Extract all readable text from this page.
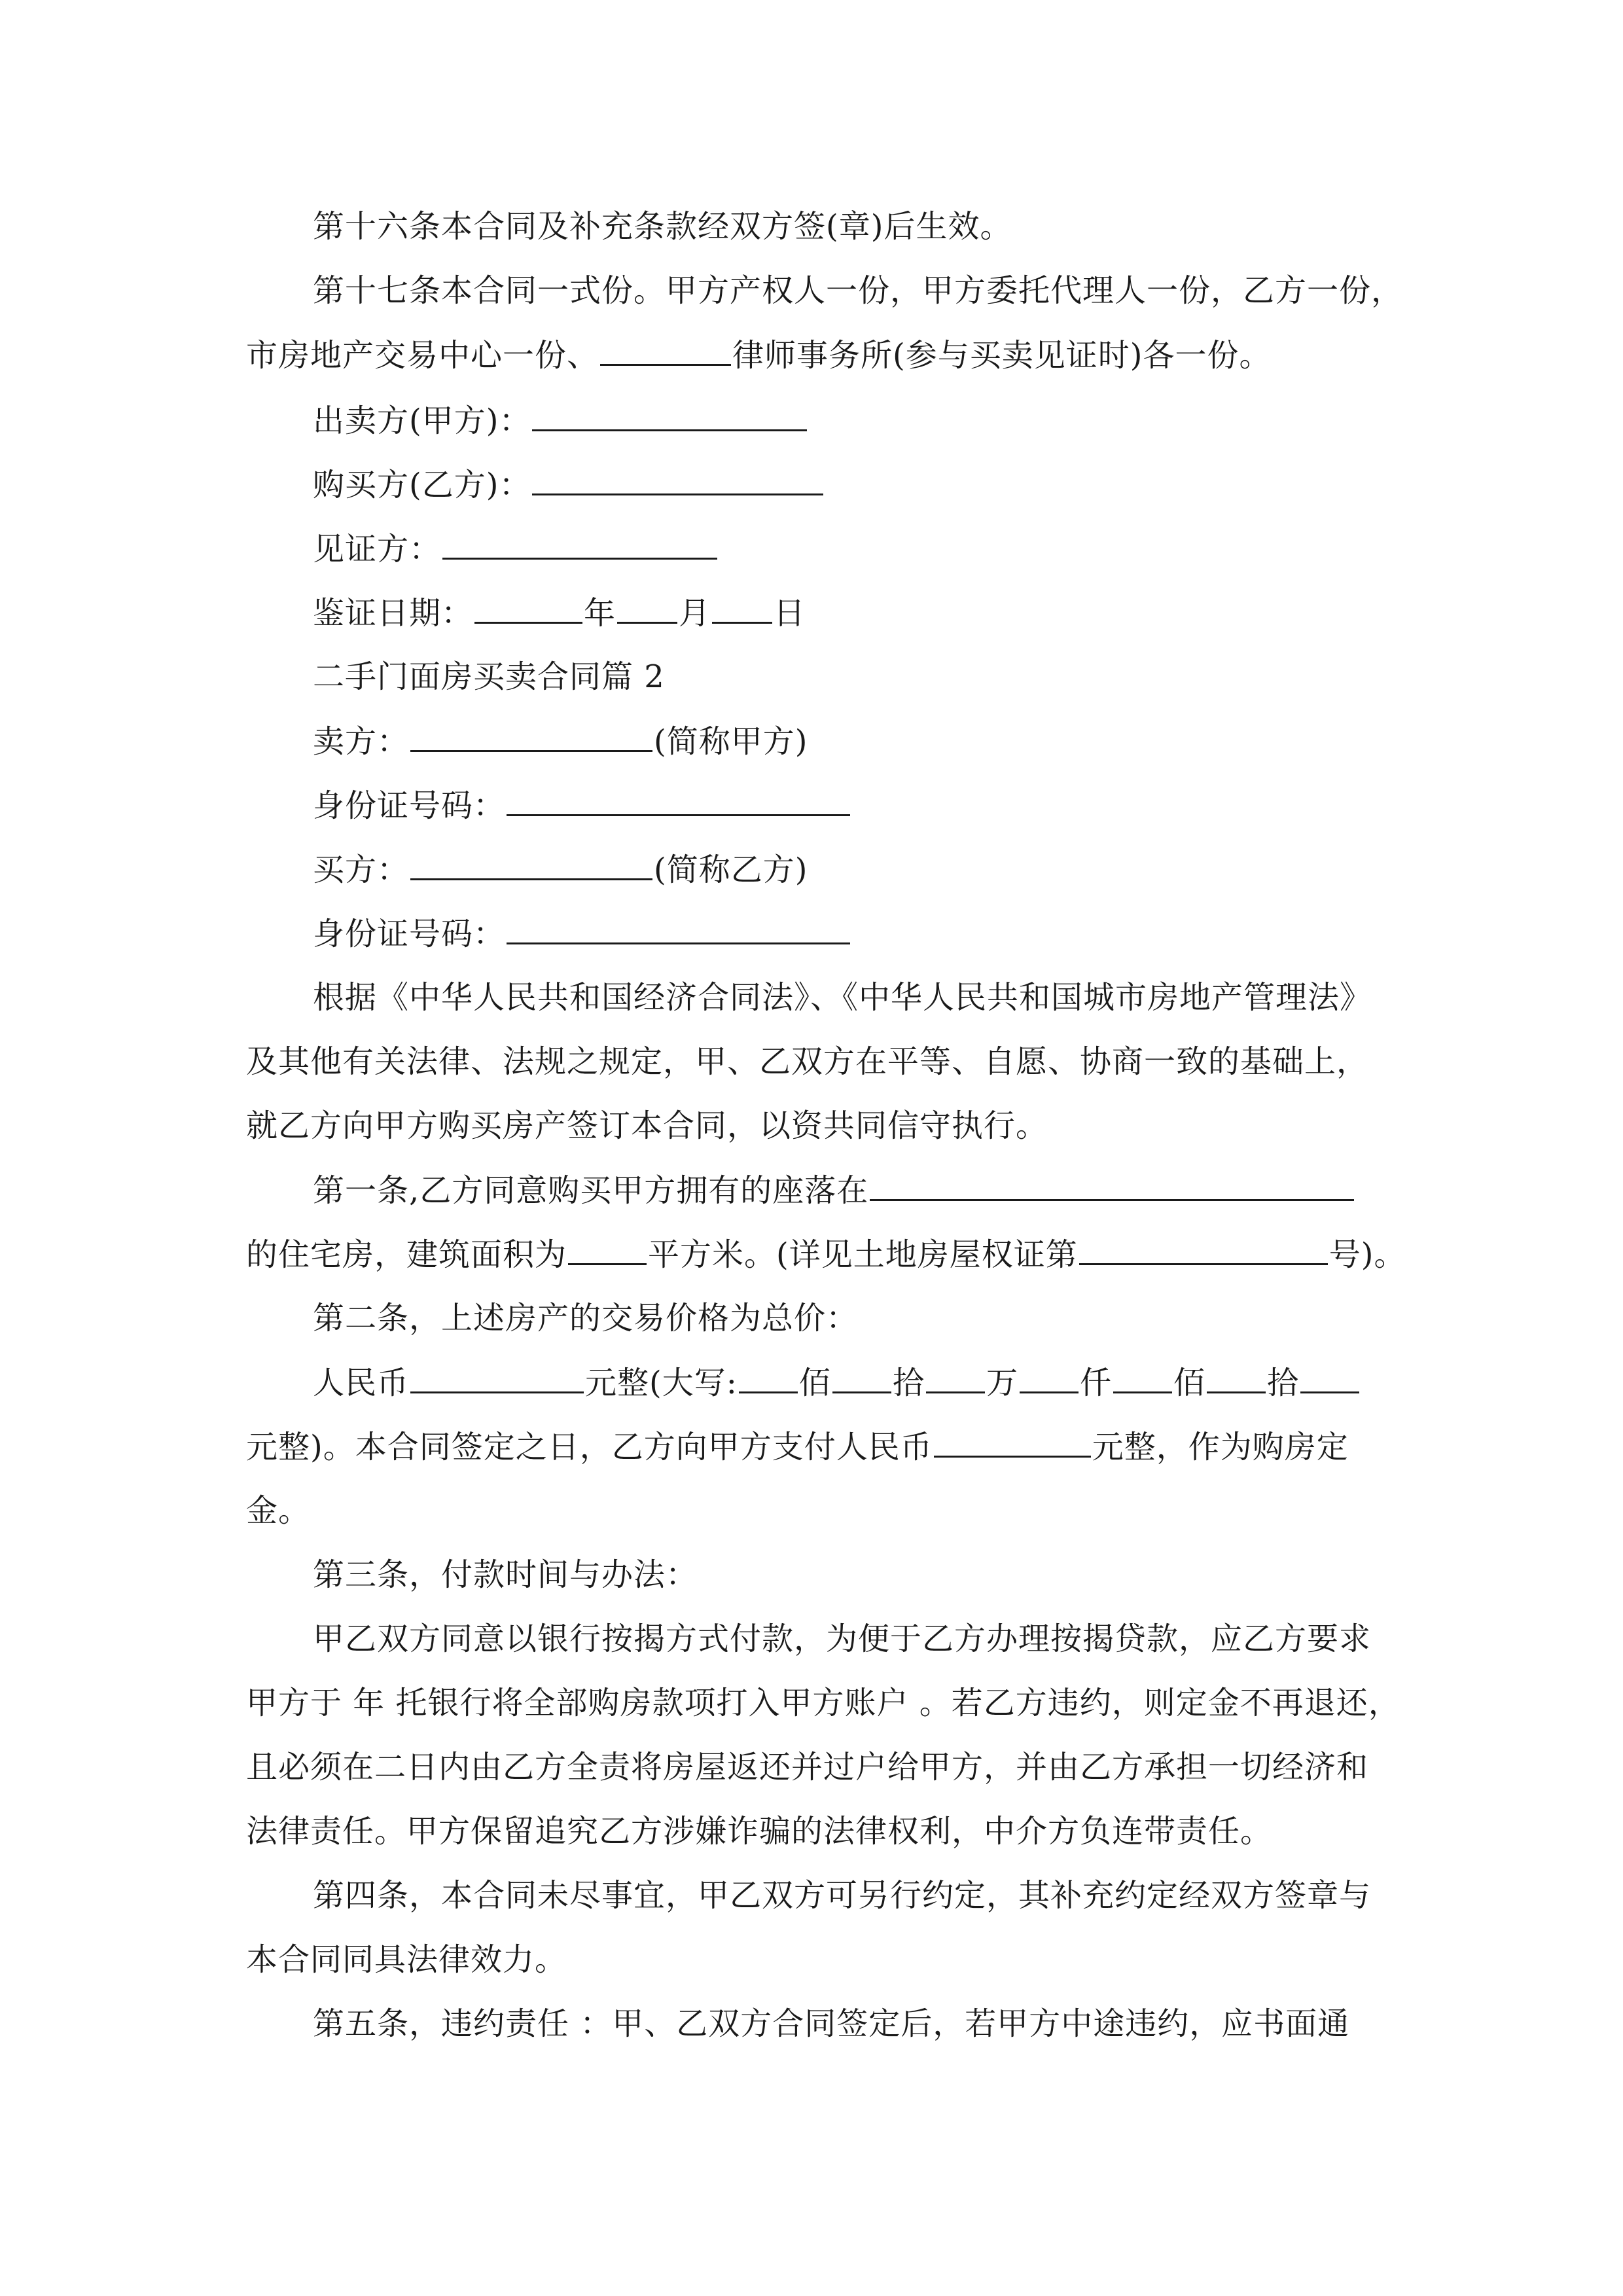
第十六条本合同及补充条款经双方签(章)后生效。
第十七条本合同一式份。甲方产权人一份，甲方委托代理人一份，乙方一份，
市房地产交易中心一份、	律师事务所(参与买卖见证时)各一份。
出卖方(甲方)：
购买方(乙方)：
见证方：
鉴证日期：	年 月 日
二手门面房买卖合同篇 2
卖方：	(简称甲方)
身份证号码：
买方：	(简称乙方)
身份证号码：
根据《中华人民共和国经济合同法》、《中华人民共和国城市房地产管理法》
及其他有关法律、法规之规定，甲、乙双方在平等、自愿、协商一致的基础上，
就乙方向甲方购买房产签订本合同，以资共同信守执行。
第一条,乙方同意购买甲方拥有的座落在
的住宅房，建筑面积为	平方米。(详见土地房屋权证第	号)。
第二条，上述房产的交易价格为总价：
人民币	元整(大写: 佰 拾 万 仟 佰 拾
元整)。本合同签定之日，乙方向甲方支付人民币	元整，作为购房定
金。
第三条，付款时间与办法：
甲乙双方同意以银行按揭方式付款，为便于乙方办理按揭贷款，应乙方要求
甲方于 年 托银行将全部购房款项打入甲方账户 。若乙方违约，则定金不再退还，
且必须在二日内由乙方全责将房屋返还并过户给甲方，并由乙方承担一切经济和
法律责任。甲方保留追究乙方涉嫌诈骗的法律权利，中介方负连带责任。
第四条，本合同未尽事宜，甲乙双方可另行约定，其补充约定经双方签章与
本合同同具法律效力。
第五条，违约责任 ：甲、乙双方合同签定后，若甲方中途违约，应书面通
